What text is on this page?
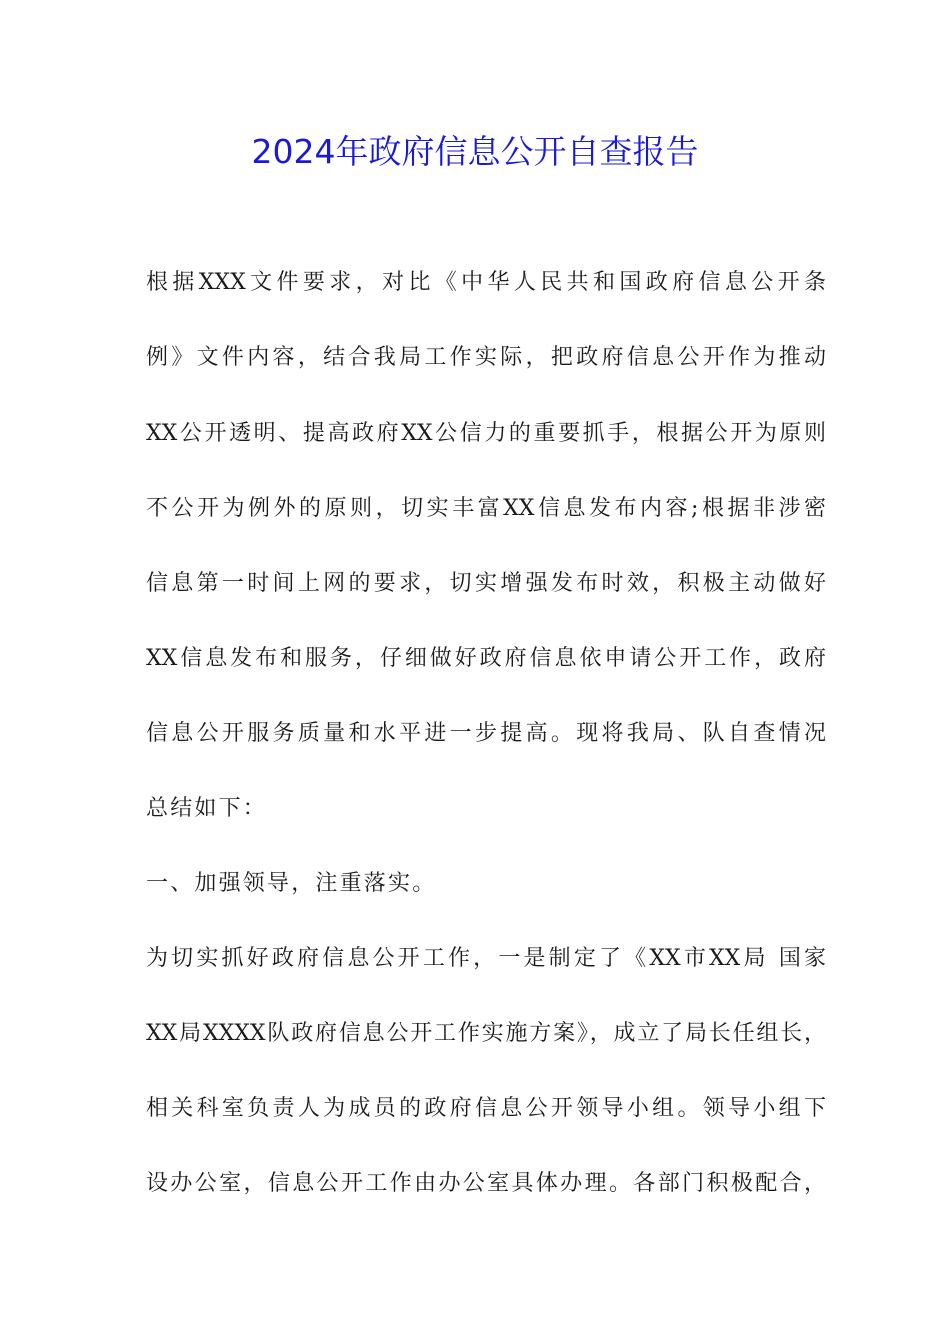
2024年政府信息公开自查报告
根据XXX文件要求，对比《中华人民共和国政府信息公开条
例》文件内容，结合我局工作实际，把政府信息公开作为推动
XX公开透明、提高政府XX公信力的重要抓手，根据公开为原则
不公开为例外的原则，切实丰富XX信息发布内容;根据非涉密
信息第一时间上网的要求，切实增强发布时效，积极主动做好
XX信息发布和服务，仔细做好政府信息依申请公开工作，政府
信息公开服务质量和水平进一步提高。现将我局、队自查情况
总结如下：
一、加强领导，注重落实。
为切实抓好政府信息公开工作，一是制定了《XX市XX局 国家
XX局XXXX队政府信息公开工作实施方案》，成立了局长任组长，
相关科室负责人为成员的政府信息公开领导小组。领导小组下
设办公室，信息公开工作由办公室具体办理。各部门积极配合，
